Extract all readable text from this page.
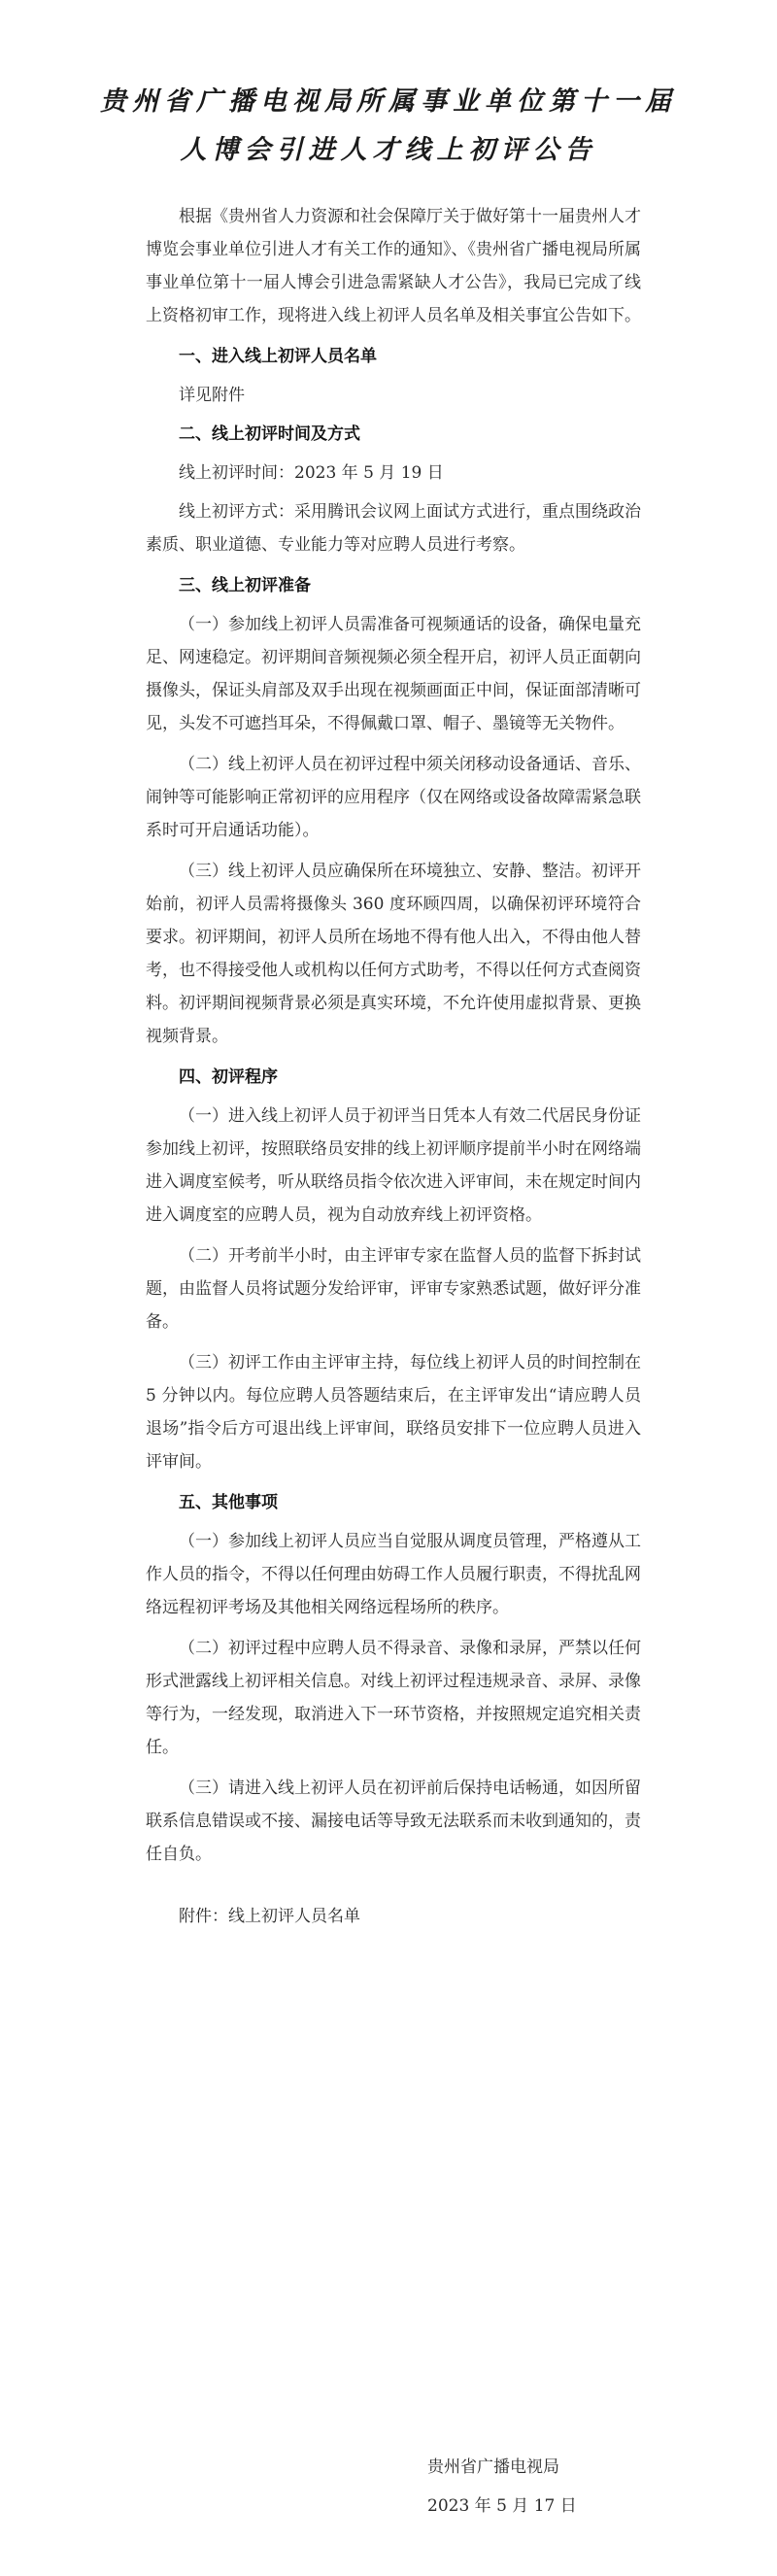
贵州省广播电视局所属事业单位第十一届
人博会引进人才线上初评公告

根据《贵州省人力资源和社会保障厅关于做好第十一届贵州人才博览会事业单位引进人才有关工作的通知》、《贵州省广播电视局所属事业单位第十一届人博会引进急需紧缺人才公告》，我局已完成了线上资格初审工作，现将进入线上初评人员名单及相关事宜公告如下。

一、进入线上初评人员名单

详见附件

二、线上初评时间及方式

线上初评时间：2023 年 5 月 19 日

线上初评方式：采用腾讯会议网上面试方式进行，重点围绕政治素质、职业道德、专业能力等对应聘人员进行考察。

三、线上初评准备

（一）参加线上初评人员需准备可视频通话的设备，确保电量充足、网速稳定。初评期间音频视频必须全程开启，初评人员正面朝向摄像头，保证头肩部及双手出现在视频画面正中间，保证面部清晰可见，头发不可遮挡耳朵，不得佩戴口罩、帽子、墨镜等无关物件。

（二）线上初评人员在初评过程中须关闭移动设备通话、音乐、闹钟等可能影响正常初评的应用程序（仅在网络或设备故障需紧急联系时可开启通话功能）。

（三）线上初评人员应确保所在环境独立、安静、整洁。初评开始前，初评人员需将摄像头 360 度环顾四周，以确保初评环境符合要求。初评期间，初评人员所在场地不得有他人出入，不得由他人替考，也不得接受他人或机构以任何方式助考，不得以任何方式查阅资料。初评期间视频背景必须是真实环境，不允许使用虚拟背景、更换视频背景。

四、初评程序

（一）进入线上初评人员于初评当日凭本人有效二代居民身份证参加线上初评，按照联络员安排的线上初评顺序提前半小时在网络端进入调度室候考，听从联络员指令依次进入评审间，未在规定时间内进入调度室的应聘人员，视为自动放弃线上初评资格。

（二）开考前半小时，由主评审专家在监督人员的监督下拆封试题，由监督人员将试题分发给评审，评审专家熟悉试题，做好评分准备。

（三）初评工作由主评审主持，每位线上初评人员的时间控制在 5 分钟以内。每位应聘人员答题结束后，在主评审发出“请应聘人员退场”指令后方可退出线上评审间，联络员安排下一位应聘人员进入评审间。

五、其他事项

（一）参加线上初评人员应当自觉服从调度员管理，严格遵从工作人员的指令，不得以任何理由妨碍工作人员履行职责，不得扰乱网络远程初评考场及其他相关网络远程场所的秩序。

（二）初评过程中应聘人员不得录音、录像和录屏，严禁以任何形式泄露线上初评相关信息。对线上初评过程违规录音、录屏、录像等行为，一经发现，取消进入下一环节资格，并按照规定追究相关责任。

（三）请进入线上初评人员在初评前后保持电话畅通，如因所留联系信息错误或不接、漏接电话等导致无法联系而未收到通知的，责任自负。

附件：线上初评人员名单
贵州省广播电视局
2023 年 5 月 17 日
